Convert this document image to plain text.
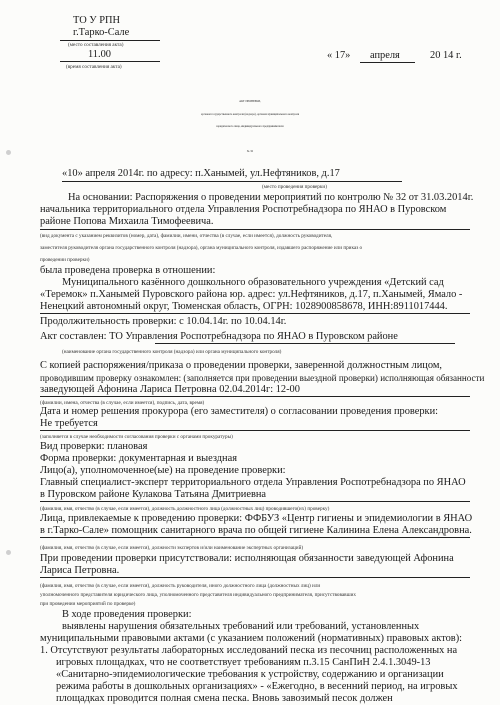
ТО У РПН
г.Тарко-Сале
(место составления акта)
11.00
(время составления акта)
« 17» апреля	20 14 г.
АКТ ПРОВЕРКИ,
органом государственного контроля (надзора), органом муниципального контроля
юридического лица, индивидуального предпринимателя
№ 32
«10» апреля 2014г. по адресу: п.Ханымей, ул.Нефтяников, д.17
(место проведения проверки)
На основании: Распоряжения о проведении мероприятий по контролю № 32 от 31.03.2014г.
начальника территориального отдела Управления Роспотребнадзора по ЯНАО в Пуровском
районе Попова Михаила Тимофеевича.
(вид документа с указанием реквизитов (номер, дата), фамилии, имени, отчества (в случае, если имеется), должность руководителя,
заместителя руководителя органа государственного контроля (надзора), органа муниципального контроля, издавшего распоряжение или приказ о
проведении проверки)
была проведена проверка в отношении:
Муниципального казённого дошкольного образовательного учреждения «Детский сад
«Теремок» п.Ханымей Пуровского района юр. адрес: ул.Нефтяников, д.17, п.Ханымей, Ямало -
Ненецкий автономный округ, Тюменская область, ОГРН: 1028900858678, ИНН:8911017444.
Продолжительность проверки: с 10.04.14г. по 10.04.14г.
Акт составлен: ТО Управления Роспотребнадзора по ЯНАО в Пуровском районе
(наименование органа государственного контроля (надзора) или органа муниципального контроля)
С копией распоряжения/приказа о проведении проверки, заверенной должностным лицом,
проводившим проверку ознакомлен: (заполняется при проведении выездной проверки) исполняющая обязанности
заведующей Афонина Лариса Петровна 02.04.2014г: 12-00
(фамилии, имена, отчества (в случае, если имеется), подпись, дата, время)
Дата и номер решения прокурора (его заместителя) о согласовании проведения проверки:
Не требуется
(заполняется в случае необходимости согласования проверки с органами прокуратуры)
Вид проверки: плановая
Форма проверки: документарная и выездная
Лицо(а), уполномоченное(ые) на проведение проверки:
Главный специалист-эксперт территориального отдела Управления Роспотребнадзора по ЯНАО
в Пуровском районе Кулакова Татьяна Дмитриевна
(фамилия, имя, отчество (в случае, если имеется), должность должностного лица (должностных лиц) проводившего(их) проверку)
Лица, привлекаемые к проведению проверки: ФФБУЗ «Центр гигиены и эпидемиологии в ЯНАО
в г.Тарко-Сале» помощник санитарного врача по общей гигиене Калинина Елена Александровна.
(фамилия, имя, отчество (в случае, если имеется), должности экспертов и/или наименование экспертных организаций)
При проведении проверки присутствовали: исполняющая обязанности заведующей Афонина
Лариса Петровна.
(фамилия, имя, отчество (в случае, если имеется), должность руководителя, иного должностного лица (должностных лиц) или
уполномоченного представителя юридического лица, уполномоченного представителя индивидуального предпринимателя, присутствовавших
при проведении мероприятий по проверке)
В ходе проведения проверки:
выявлены нарушения обязательных требований или требований, установленных
муниципальными правовыми актами (с указанием положений (нормативных) правовых актов):
1. Отсутствуют результаты лабораторных исследований песка из песочниц расположенных на
игровых площадках, что не соответствует требованиям п.3.15 СанПиН 2.4.1.3049-13
«Санитарно-эпидемиологические требования к устройству, содержанию и организации
режима работы в дошкольных организациях» - «Ежегодно, в весенний период, на игровых
площадках проводится полная смена песка. Вновь завозимый песок должен
